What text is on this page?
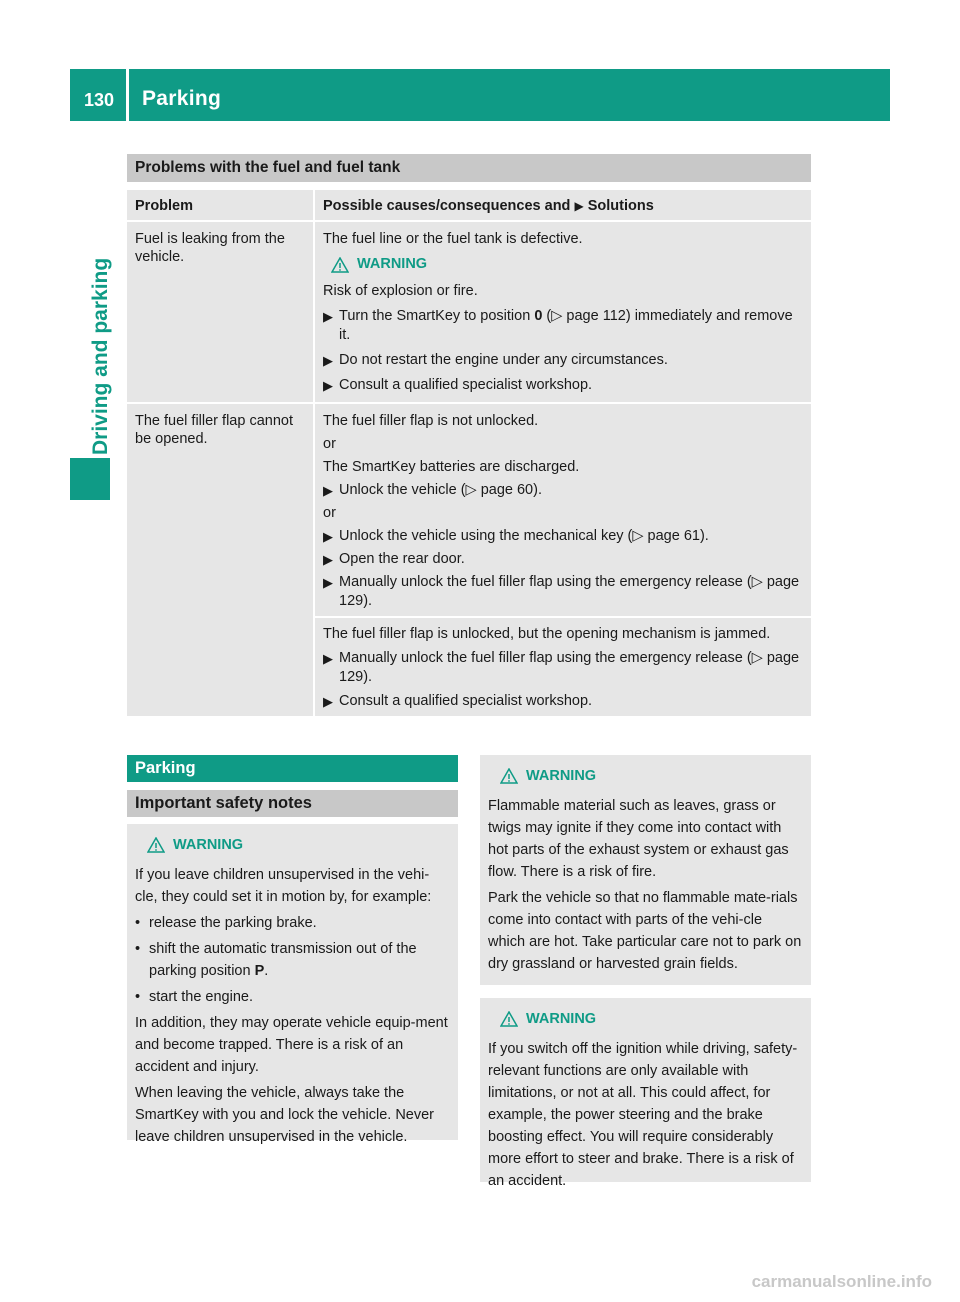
130 Parking
Driving and parking
Problems with the fuel and fuel tank
Problem	Possible causes/consequences and ▶ Solutions
Fuel is leaking from the vehicle.

The fuel line or the fuel tank is defective.

WARNING

Risk of explosion or fire.

▶ Turn the SmartKey to position 0 (▷ page 112) immediately and remove it.
▶ Do not restart the engine under any circumstances.
▶ Consult a qualified specialist workshop.
The fuel filler flap cannot be opened.

The fuel filler flap is not unlocked.

or

The SmartKey batteries are discharged.

▶ Unlock the vehicle (▷ page 60).

or

▶ Unlock the vehicle using the mechanical key (▷ page 61).
▶ Open the rear door.
▶ Manually unlock the fuel filler flap using the emergency release (▷ page 129).

The fuel filler flap is unlocked, but the opening mechanism is jammed.

▶ Manually unlock the fuel filler flap using the emergency release (▷ page 129).
▶ Consult a qualified specialist workshop.
Parking
Important safety notes
WARNING

If you leave children unsupervised in the vehi-cle, they could set it in motion by, for example:

• release the parking brake.
• shift the automatic transmission out of the parking position P.
• start the engine.

In addition, they may operate vehicle equip-ment and become trapped. There is a risk of an accident and injury.

When leaving the vehicle, always take the SmartKey with you and lock the vehicle. Never leave children unsupervised in the vehicle.

WARNING

Flammable material such as leaves, grass or twigs may ignite if they come into contact with hot parts of the exhaust system or exhaust gas flow. There is a risk of fire.

Park the vehicle so that no flammable mate-rials come into contact with parts of the vehi-cle which are hot. Take particular care not to park on dry grassland or harvested grain fields.

WARNING

If you switch off the ignition while driving, safety-relevant functions are only available with limitations, or not at all. This could affect, for example, the power steering and the brake boosting effect. You will require considerably more effort to steer and brake. There is a risk of an accident.

carmanualsonline.info
